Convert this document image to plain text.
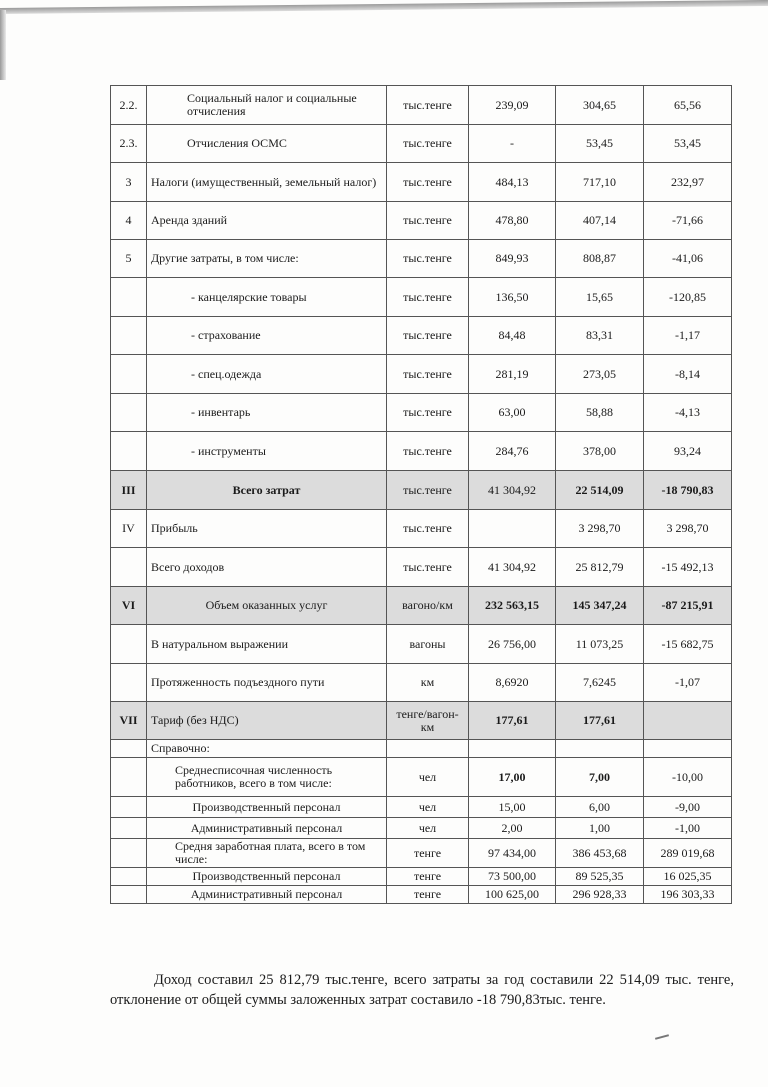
2.2.	Социальный налог и социальные отчисления	тыс.тенге	239,09	304,65	65,56
2.3.	Отчисления ОСМС	тыс.тенге	-	53,45	53,45
3	Налоги (имущественный, земельный налог)	тыс.тенге	484,13	717,10	232,97
4	Аренда зданий	тыс.тенге	478,80	407,14	-71,66
5	Другие затраты, в том числе:	тыс.тенге	849,93	808,87	-41,06
	- канцелярские товары	тыс.тенге	136,50	15,65	-120,85
	- страхование	тыс.тенге	84,48	83,31	-1,17
	- спец.одежда	тыс.тенге	281,19	273,05	-8,14
	- инвентарь	тыс.тенге	63,00	58,88	-4,13
	- инструменты	тыс.тенге	284,76	378,00	93,24
III	Всего затрат	тыс.тенге	41 304,92	22 514,09	-18 790,83
IV	Прибыль	тыс.тенге		3 298,70	3 298,70
	Всего доходов	тыс.тенге	41 304,92	25 812,79	-15 492,13
VI	Объем оказанных услуг	вагоно/км	232 563,15	145 347,24	-87 215,91
	В натуральном выражении	вагоны	26 756,00	11 073,25	-15 682,75
	Протяженность подъездного пути	км	8,6920	7,6245	-1,07
VII	Тариф (без НДС)	тенге/вагон-км	177,61	177,61	
	Справочно:				
	Среднесписочная численность работников, всего в том числе:	чел	17,00	7,00	-10,00
	Производственный персонал	чел	15,00	6,00	-9,00
	Административный персонал	чел	2,00	1,00	-1,00
	Средня заработная плата, всего в том числе:	тенге	97 434,00	386 453,68	289 019,68
	Производственный персонал	тенге	73 500,00	89 525,35	16 025,35
	Административный персонал	тенге	100 625,00	296 928,33	196 303,33

Доход составил 25 812,79 тыс.тенге, всего затраты за год составили 22 514,09 тыс. тенге, отклонение от общей суммы заложенных затрат составило -18 790,83тыс. тенге.
